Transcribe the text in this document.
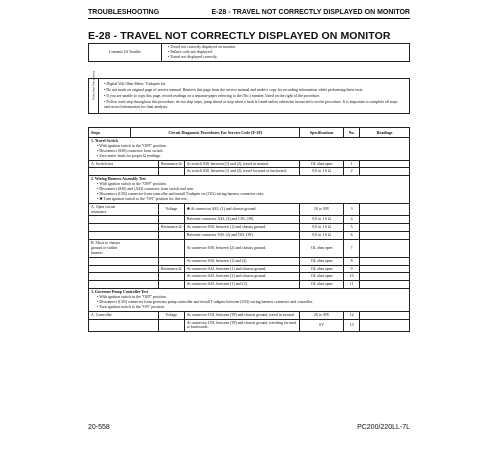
TROUBLESHOOTING	E-28 - TRAVEL NOT CORRECTLY DISPLAYED ON MONITOR
E-28 - TRAVEL NOT CORRECTLY DISPLAYED ON MONITOR
Contents Of Trouble	
• Travel not correctly displayed on monitor.
• Failure code not displayed.
• Travel not displayed correctly.
Tools And Precautions

•Digital Volt Ohm Meter, T-adapter kit.
• Do not mark on original page of service manual. Remove this page from the service manual and make a copy for recording information while performing these tests.
• If you are unable to copy this page, record readings on a separate paper referring to the (No.) number, listed on the right of the procedure.
• Follow each step throughout this procedure, do not skip steps, jump ahead or stop when a fault is found unless otherwise instructed to in the procedure. It is important to complete all steps and record information for final analysis.
Steps	Circuit Diagnostic Procedures For Service Code [E-28]			Specifications	No.	Readings

1. Travel Switch
• With ignition switch in the "OFF" position.
• Disconnect (S30) connector from switch.
• Zero meter leads for proper Ω readings.

A. Switch test		Resistance Ω	At switch S30, between (1) and (2), travel in neutral.	OL ohm open	1	
			At switch S30, between (1) and (2), travel forward or backward.	0.0 to 1.0 Ω	2	

2. Wiring Harness Assembly Test
• With ignition switch in the "OFF" position.
• Disconnect (S30) and (A43) connector from switch and arm.
• Disconnect (C03) connector from controller and install T-adapter on (C03) wiring harness connector only.
• ✱ Turn ignition switch to the "ON" position for this test.

A. Open circuit resistance		Voltage	✱ At connector A43, (1) and chassis ground.	20 to 30V	3	
			Between connector A43, (2) and C03, (39).	0.0 to 1.0 Ω	4	
		Resistance Ω	At connector S30, between (1) and chassis ground.	0.0 to 1.0 Ω	5	
			Between connector S30, (2) and C03, (39).	0.0 to 1.0 Ω	6	
B. Short to chassis ground or within harness			At connector S30, between (2) and chassis ground.	OL ohm open	7	
			At connector S30, between (1) and (2).	OL ohm open	8	
		Resistance Ω	At connector A43, between (1) and chassis ground.	OL ohm open	9	
			At connector A43, between (2) and chassis ground.	OL ohm open	10	
			At connector A43, between (1) and (2).	OL ohm open	11	

3. Governor Pump Controller Test
• With ignition switch in the "OFF" position.
• Disconnect (C03) connector from governor pump controller and install T-adapter between (C03) wiring harness connector and controller.
• Turn ignition switch to the "ON" position.

A. Controller		Voltage	At connector C03, between (39) and chassis ground, travel in neutral.	20 to 30V	12	
			At connector C03, between (39) and chassis ground, traveling forward or backwards.	0V	13	
20-558	PC200/220LL-7L
